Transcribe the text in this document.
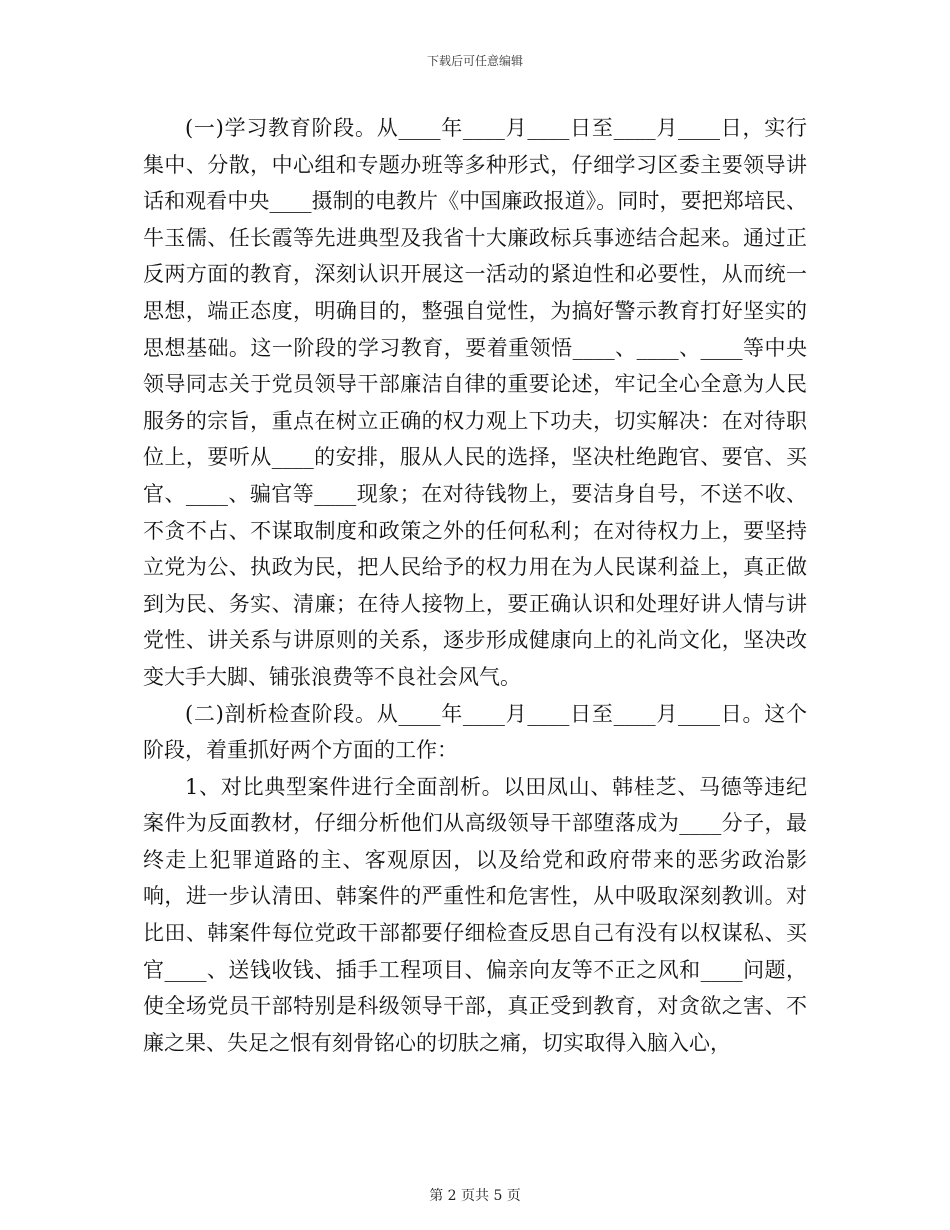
下载后可任意编辑

(一)学习教育阶段。从____年____月____日至____月____日，实行集中、分散，中心组和专题办班等多种形式，仔细学习区委主要领导讲话和观看中央____摄制的电教片《中国廉政报道》。同时，要把郑培民、牛玉儒、任长霞等先进典型及我省十大廉政标兵事迹结合起来。通过正反两方面的教育，深刻认识开展这一活动的紧迫性和必要性，从而统一思想，端正态度，明确目的，整强自觉性，为搞好警示教育打好坚实的思想基础。这一阶段的学习教育，要着重领悟____、____、____等中央领导同志关于党员领导干部廉洁自律的重要论述，牢记全心全意为人民服务的宗旨，重点在树立正确的权力观上下功夫，切实解决：在对待职位上，要听从____的安排，服从人民的选择，坚决杜绝跑官、要官、买官、____、骗官等____现象；在对待钱物上，要洁身自号，不送不收、不贪不占、不谋取制度和政策之外的任何私利；在对待权力上，要坚持立党为公、执政为民，把人民给予的权力用在为人民谋利益上，真正做到为民、务实、清廉；在待人接物上，要正确认识和处理好讲人情与讲党性、讲关系与讲原则的关系，逐步形成健康向上的礼尚文化，坚决改变大手大脚、铺张浪费等不良社会风气。

(二)剖析检查阶段。从____年____月____日至____月____日。这个阶段，着重抓好两个方面的工作：

1、对比典型案件进行全面剖析。以田凤山、韩桂芝、马德等违纪案件为反面教材，仔细分析他们从高级领导干部堕落成为____分子，最终走上犯罪道路的主、客观原因，以及给党和政府带来的恶劣政治影响，进一步认清田、韩案件的严重性和危害性，从中吸取深刻教训。对比田、韩案件每位党政干部都要仔细检查反思自己有没有以权谋私、买官____、送钱收钱、插手工程项目、偏亲向友等不正之风和____问题，使全场党员干部特别是科级领导干部，真正受到教育，对贪欲之害、不廉之果、失足之恨有刻骨铭心的切肤之痛，切实取得入脑入心，

第 2 页共 5 页
